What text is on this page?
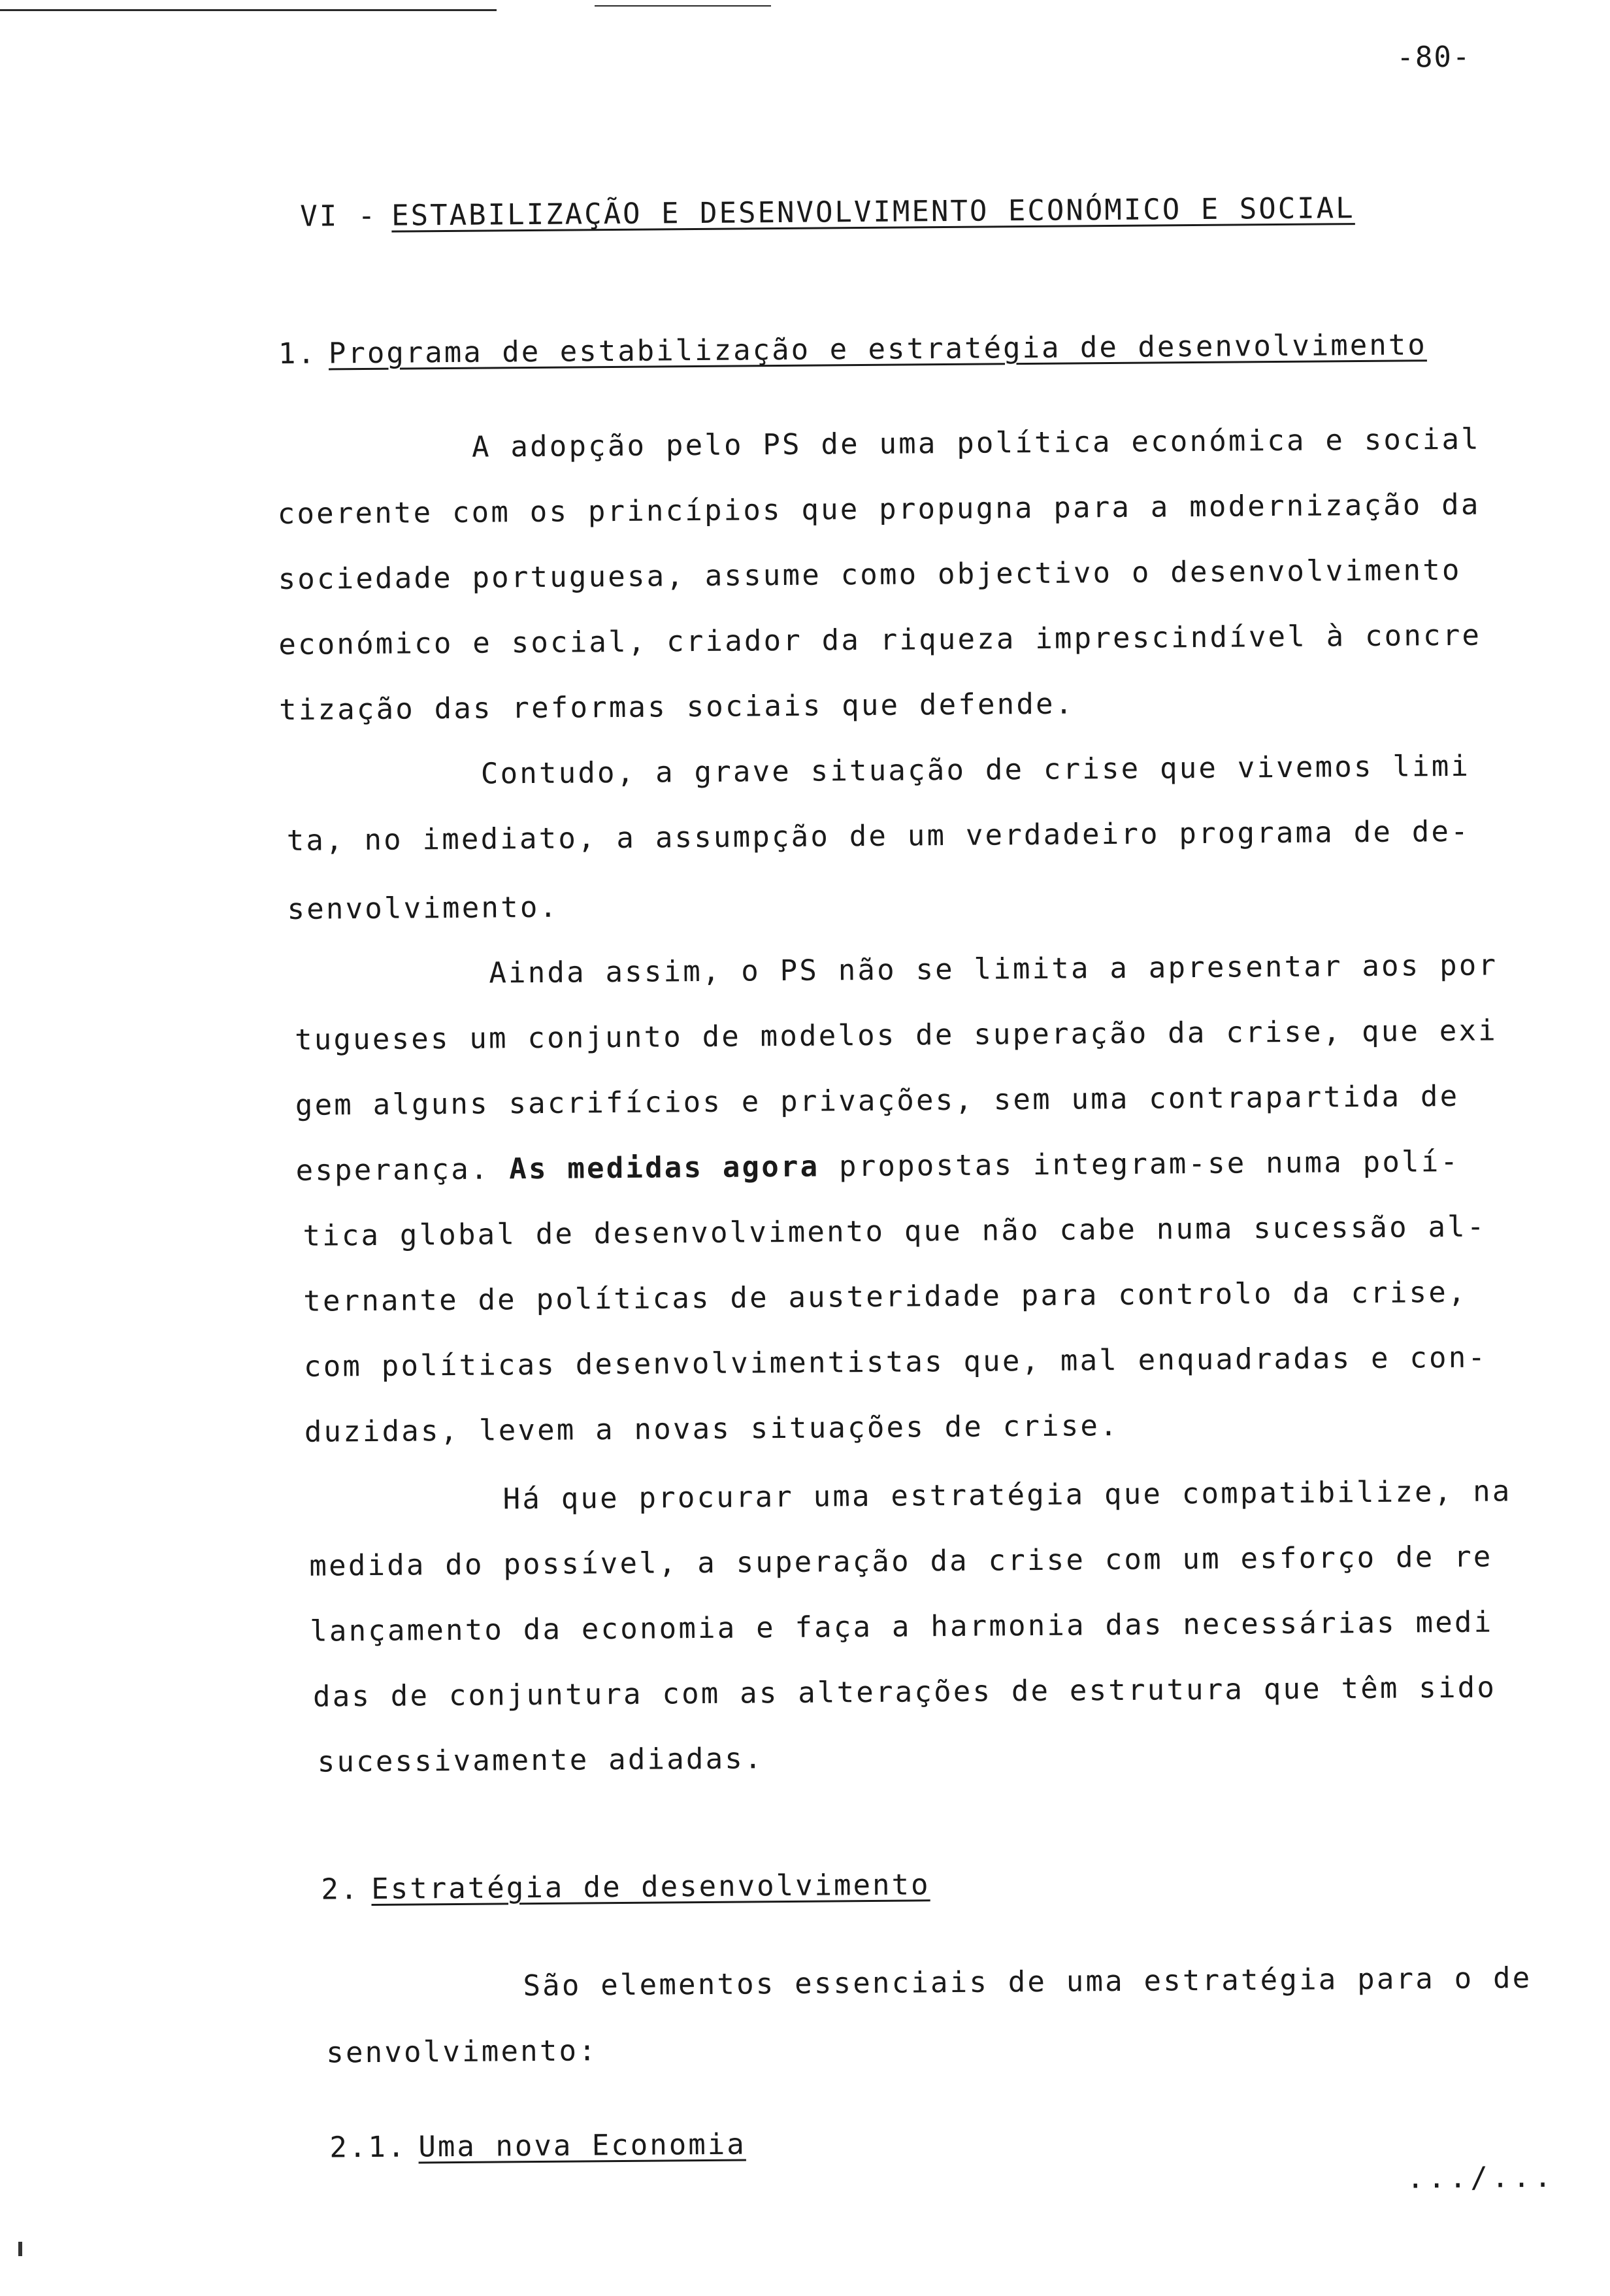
-80-
VI - ESTABILIZAÇÃO E DESENVOLVIMENTO ECONÓMICO E SOCIAL
1. Programa de estabilização e estratégia de desenvolvimento
A adopção pelo PS de uma política económica e social
coerente com os princípios que propugna para a modernização da
sociedade portuguesa, assume como objectivo o desenvolvimento
económico e social, criador da riqueza imprescindível à concre
tização das reformas sociais que defende.
Contudo, a grave situação de crise que vivemos limi
ta, no imediato, a assumpção de um verdadeiro programa de de-
senvolvimento.
Ainda assim, o PS não se limita a apresentar aos por
tugueses um conjunto de modelos de superação da crise, que exi
gem alguns sacrifícios e privações, sem uma contrapartida de
esperança. As medidas agora propostas integram-se numa polí-
tica global de desenvolvimento que não cabe numa sucessão al-
ternante de políticas de austeridade para controlo da crise,
com políticas desenvolvimentistas que, mal enquadradas e con-
duzidas, levem a novas situações de crise.
Há que procurar uma estratégia que compatibilize, na
medida do possível, a superação da crise com um esforço de re
lançamento da economia e faça a harmonia das necessárias medi
das de conjuntura com as alterações de estrutura que têm sido
sucessivamente adiadas.
2. Estratégia de desenvolvimento
São elementos essenciais de uma estratégia para o de
senvolvimento:
2.1. Uma nova Economia
.../...
